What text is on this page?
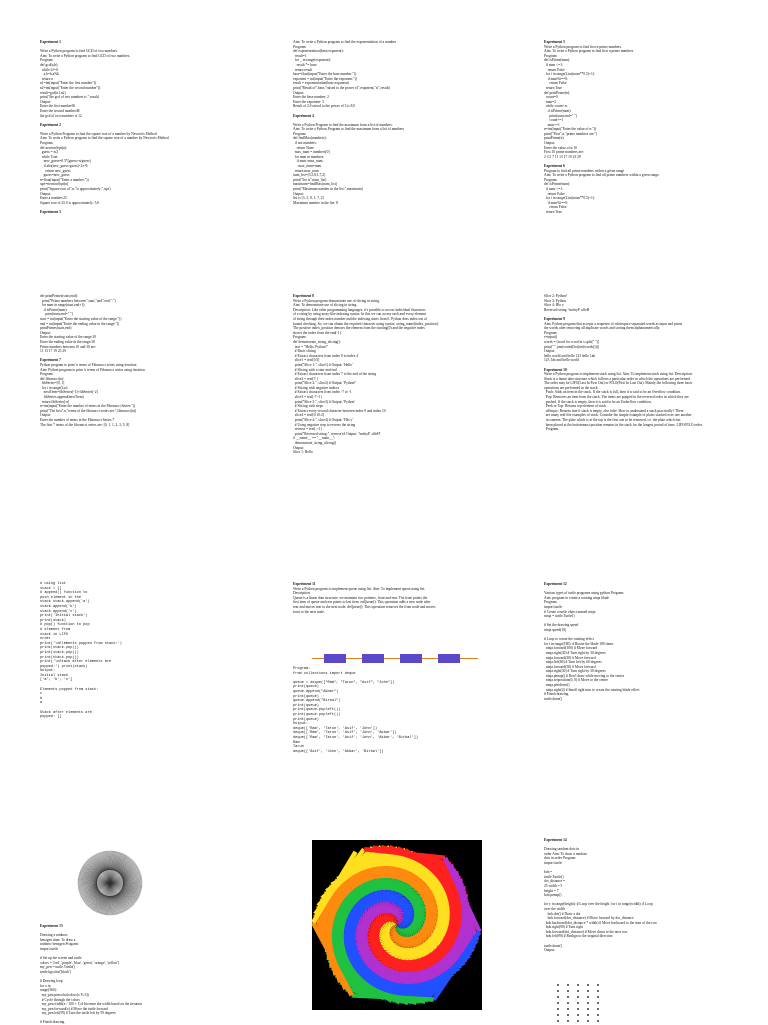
Experiment 1

Write a Python program to find GCD of two numbers.
Aim: To write a Python program to find GCD of two numbers.
Program:
def gcd(a,b):
while b!=0:
a,b=b,a%b
return a
n1=int(input("Enter the first number"))
n2=int(input("Enter the second number"))
result=gcd(n1,n2)
print("the gcd of two numbers is ",result)
Output:
Enter the first number36
Enter the second number48
the gcd of two numbers is 12

Experiment 2

Write a Python Program to find the square root of a number by Newton's Method
Aim: To write a Python program to find the square root of a number by Newton's Method
Program:
def newtonSqrt(n):
guess = n/2
while True:
new_guess=0.5*(guess+n/guess)
if abs(new_guess-guess)<1e-9:
return new_guess
guess=new_guess
n=float(input("Enter a number:"))
sqrt=newtonSqrt(n)
print("Square root of",n,"is approximately:",sqrt)
Output:
Enter a number:25
Square root of 25.0 is approximately: 5.0

Experiment 3
Aim: To write a Python program to find the exponentiation of a number
Program:
def exponentiation(base,exponent):
result=1
for _ in range(exponent):
result *= base
return result
base=float(input("Enter the base number:"))
exponent = int(input("Enter the exponent:"))
result = exponentiation(base,exponent)
print("Result of",base,"raised to the power of",exponent,"is",result)
Output:
Enter the base number: 2
Enter the exponent: 3
Result of 2.0 raised to the power of 3 is 8.0

Experiment 4

Write a Python Program to find the maximum from a list of numbers.
Aim: To write a Python Program to find the maximum from a list of numbers
Program:
def findMax(numbers):
if not numbers:
return None
max_num = numbers[0]
for num in numbers:
if num>max_num:
max_num=num
return max_num
num_list=[3,5,8,1,7,2]
print("list is",num_list)
maximum=findMax(num_list)
print("Maximum number in the list:",maximum)
Output:
list is [3, 5, 8, 1, 7, 2]
Maximum number in the list: 8
Experiment 5
Write a Python program to find first n prime numbers.
Aim: To write a Python program to find first n prime numbers
Program:
def isPrime(num):
if num <=1:
return False
for i in range(2,int(num**0.5)+1):
if num%i==0:
return False
return True
def printPrime(n):
count=0
num=2
while count<n:
if isPrime(num):
print(num,end=" ")
count+=1
num+=1
n=int(input("Enter the value of n:"))
print("First",n,"prime numbers are:")
printPrime(n)
Output:
Enter the value of n:10
First 10 prime numbers are:
2 3 5 7 11 13 17 19 23 29

Experiment 6
Program to find all prime numbers within a given range
Aim: To write a Python program to find all prime numbers within a given range.
Program:
def isPrime(num):
if num <=1:
return False
for i in range(2,int(num**0.5)+1):
if num%i==0:
return False
return True
def printPrimes(start,end):
print("Prime numbers between",start,"and",end,":")
for num in range(start,end+1):
if isPrime(num):
print(num,end=" ")
start = int(input("Enter the starting value of the range:"))
end = int(input("Enter the ending value in the range:"))
printPrimes(start,end)
Output:
Enter the starting value of the range:10
Enter the ending value in the range:30
Prime numbers between 10 and 30 are:
11 13 17 19 23 29

Experiment 7
Python program to print 'n terms of Fibonacci series using iteration
Aim: Python program to print 'n terms of Fibonacci series using iteration
Program:
def fibonacci(n):
fibSeries=[0, 1]
for i in range(2,n):
nextTerm=fibSeries[-1]+fibSeries[-2]
fibSeries.append(nextTerm)
return fibSeries[:n]
n=int(input("Enter the number of terms in the Fibonacci Series:"))
print("The first",n,"terms of the fibonacci series are:",fibonacci(n))
Output:
Enter the number of terms in the Fibonacci Series:7
The first 7 terms of the fibonacci series are: [0, 1, 1, 2, 3, 5, 8]
Experiment 8
Write a Python program demonstrate use of slicing in string.
Aim: To demonstrate use of slicing in string.
Description: Like other programming languages, it's possible to access individual characters
of a string by using array-like indexing syntax. In this we can access each and every element
of string through their index number and the indexing starts from 0. Python does index out of
bound checking. So, we can obtain the required character using syntax, string_name[index_position]:
The positive index_position denotes the element from the starting(0) and the negative index
shows the index from the end(-1).
Program:
def demonstrate_string_slicing():
text = "Hello, Python!"
# Basic slicing
# Extract characters from index 0 to index 4
slice1 = text[0:5]
print("Slice 1:", slice1) # Output: 'Hello'
# Slicing with a start and end
# Extract characters from index 7 to the end of the string
slice2 = text[7:]
print("Slice 2:", slice2) # Output: 'Python!'
# Slicing with negative indices
# Extract characters from index -7 to -1
slice3 = text[-7:-1]
print("Slice 3:", slice3) # Output: 'Python'
# Slicing with steps
# Extract every second character between index 0 and index 10
slice4 = text[0:10:2]
print("Slice 4:", slice4) # Output: 'Hlo y'
# Using negative step to reverse the string
reverse = text[::-1]
print("Reversed string:", reverse) # Output: '!nohtyP ,olleH'
if __name__ == "__main__":
demonstrate_string_slicing()
Output:
Slice 1: Hello
Slice 2: Python!
Slice 3: Python
Slice 4: Hlo y
Reversed string: !nohtyP ,olleH

Experiment 9
Aim: Python program that accepts a sequence of whitespace separated words as input and prints
the words after removing all duplicate words and sorting them alphanumerically.
Program:
s=input()
words = [word for word in s.split(" ")]
print(" ".join(sorted(list(set(words)))))
Output:
hello world and hello 123 hello 1ab
123 1ab and hello world

Experiment 10
Write a Python program to implement stack using list. Aim: To implement stack using list. Description:
Stack is a linear data structure which follows a particular order in which the operations are performed.
The order may be LIFO(Last In First Out) or FILO(First In Last Out). Mainly the following three basic
operations are performed in the stack:
Push: Adds an item in the stack. If the stack is full, then it is said to be an Overflow condition.
Pop: Removes an item from the stack. The items are popped in the reversed order in which they are
pushed. If the stack is empty, then it is said to be an Underflow condition.
Peek or Top: Returns top element of stack.
isEmpty: Returns true if stack is empty, else false. How to understand a stack practically? There
are many real-life examples of stack. Consider the simple example of plates stacked over one another
in canteen. The plate which is at the top is the first one to be removed, i.e. the plate which has
been placed at the bottommost position remains in the stack for the longest period of time. LIFO/FILO order.
Program:
# using list
stack = []
# append() function to
push element in the
stack stack.append('a')
stack.append('b')
stack.append('c')
print('Initial stack')
print(stack)
# pop() function to pop
# element from
stack in LIFO
order
print('\nElements popped from stack:')
print(stack.pop())
print(stack.pop())
print(stack.pop())
print('\nStack after elements are
popped:') print(stack)
Output:
Initial stack
['a', 'b', 'c']

Elements popped from stack:
c
b
a

Stack after elements are
popped: []
Experiment 11
Write a Python program to implement queue using list. Aim: To implement queue using list.
Description
Queue is a linear data structure, we maintain two pointers, front and rear. The front points the
first item of queue and rear points to last item. enQueue(): This operation adds a new node after
rear and moves rear to the next node. deQueue(): This operation removes the front node and moves
front to the next node.
Program:
from collections import deque

queue = deque(["Ram", "Tarun", "Asif", "John"])
print(queue)
queue.append("Akbar")
print(queue)
queue.append("Birbal")
print(queue)
print(queue.popleft())
print(queue.popleft())
print(queue)
Output:
deque(['Ram', 'Tarun', 'Asif', 'John'])
deque(['Ram', 'Tarun', 'Asif', 'John', 'Akbar'])
deque(['Ram', 'Tarun', 'Asif', 'John', 'Akbar', 'Birbal'])
Ram
Tarun
deque(['Asif', 'John', 'Akbar', 'Birbal'])
Experiment 12

Various types of turtle programs using python Program:
Aim: program to create a rotating ninja blade
Program:
import turtle
# Create a turtle object named ninja
ninja = turtle.Turtle()

# Set the drawing speed
ninja.speed(10)

# Loop to create the rotating effect
for i in range(180): # Rotate the blade 180 times
ninja.forward(100) # Move forward
ninja.right(30) # Turn right by 30 degrees
ninja.forward(20) # Move forward
ninja.left(60) # Turn left by 60 degrees
ninja.forward(50) # Move forward
ninja.right(30) # Turn right by 30 degrees
ninja.penup() # Don't draw while moving to the center
ninja.setposition(0, 0) # Move to the center
ninja.pendown()
ninja.right(2) # Small right turn to create the rotating blade effect
# Finish drawing
turtle.done()
Experiment 13

Drawing a rainbow
benzgen titan: To draw a
rainbow benzgen Program:
import turtle

# Set up the screen and turtle
colors = ['red', 'purple', 'blue', 'green', 'orange', 'yellow']
my_pen = turtle.Turtle()
turtle.bgcolor('black')

# Drawing loop
for x in
range(360):
my_pen.pencolor(colors[x % 6])
# Cycle through the colors
my_pen.width(x / 100 + 1) # Increase the width based on the iteration
my_pen.forward(x) # Move the turtle forward
my_pen.left(59) # Turn the turtle left by 59 degrees

# Finish drawing
Experiment 14

Drawing random dots in
order Aim: To draw a random
dots in order Program
import turtle

bob =
turtle.Turtle()
dot_distance =
25 width = 5
height = 7
bob.penup()

for y in range(height): # Loop over the height  for i in range(width): # Loop
over the width
bob.dot() # Draw a dot
bob.forward(dot_distance) # Move forward by dot_distance
bob.backward(dot_distance * width) # Move backward to the start of the row
bob.right(90) # Turn right
bob.forward(dot_distance) # Move down to the next row
bob.left(90) # Realign to the original direction

turtle.done()
Output:
